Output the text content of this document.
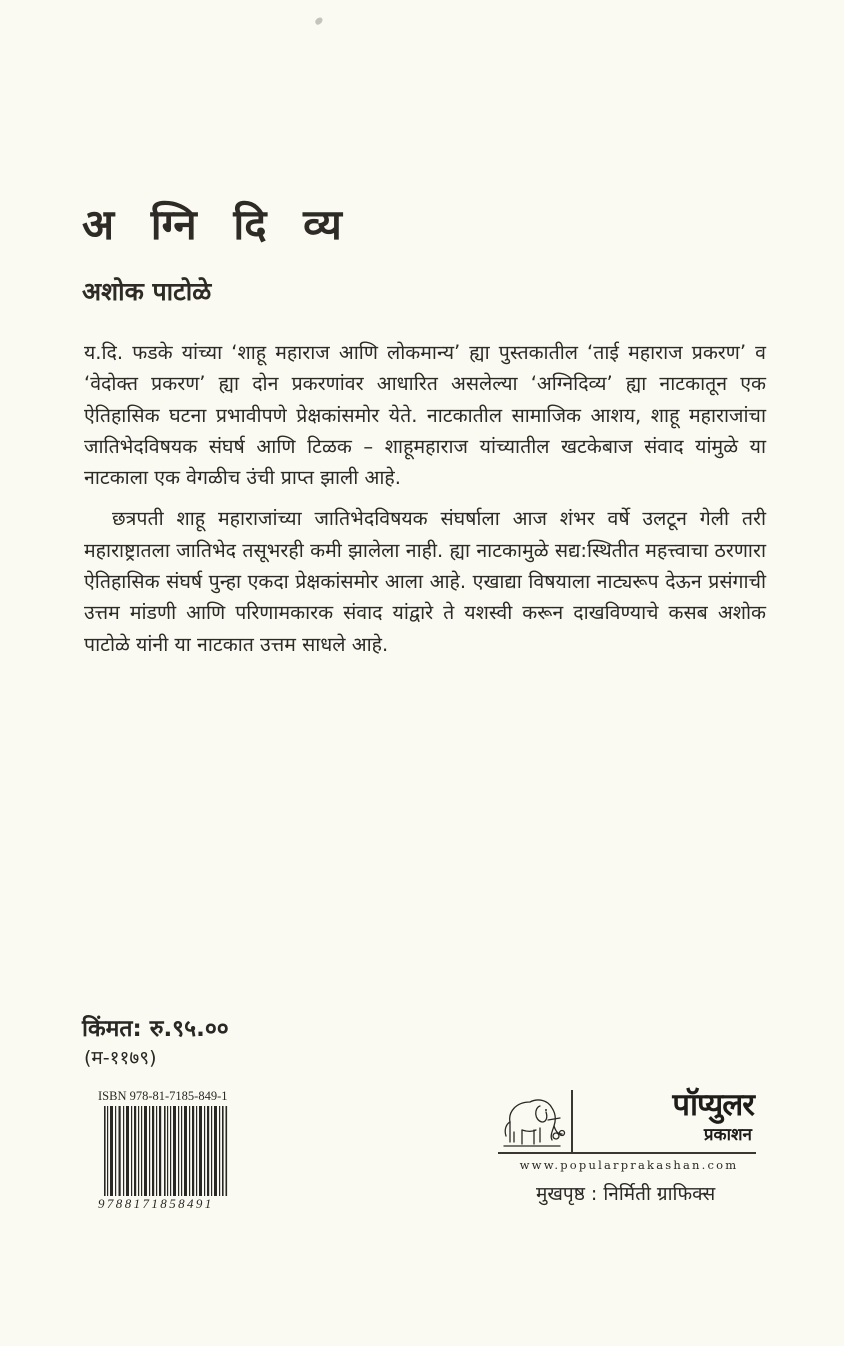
अ ग्नि दि व्य
अशोक पाटोळे

य.दि. फडके यांच्या ‘शाहू महाराज आणि लोकमान्य’ ह्या पुस्तकातील ‘ताई महाराज प्रकरण’ व ‘वेदोक्त प्रकरण’ ह्या दोन प्रकरणांवर आधारित असलेल्या ‘अग्निदिव्य’ ह्या नाटकातून एक ऐतिहासिक घटना प्रभावीपणे प्रेक्षकांसमोर येते. नाटकातील सामाजिक आशय, शाहू महाराजांचा जातिभेदविषयक संघर्ष आणि टिळक – शाहूमहाराज यांच्यातील खटकेबाज संवाद यांमुळे या नाटकाला एक वेगळीच उंची प्राप्त झाली आहे.

छत्रपती शाहू महाराजांच्या जातिभेदविषयक संघर्षाला आज शंभर वर्षे उलटून गेली तरी महाराष्ट्रातला जातिभेद तसूभरही कमी झालेला नाही. ह्या नाटकामुळे सद्य:स्थितीत महत्त्वाचा ठरणारा ऐतिहासिक संघर्ष पुन्हा एकदा प्रेक्षकांसमोर आला आहे. एखाद्या विषयाला नाट्यरूप देऊन प्रसंगाची उत्तम मांडणी आणि परिणामकारक संवाद यांद्वारे ते यशस्वी करून दाखविण्याचे कसब अशोक पाटोळे यांनी या नाटकात उत्तम साधले आहे.

किंमत: रु.९५.००
(म-११७९)
ISBN 978-81-7185-849-1
9788171858491
पॉप्युलर
प्रकाशन
www.popularprakashan.com
मुखपृष्ठ : निर्मिती ग्राफिक्स
